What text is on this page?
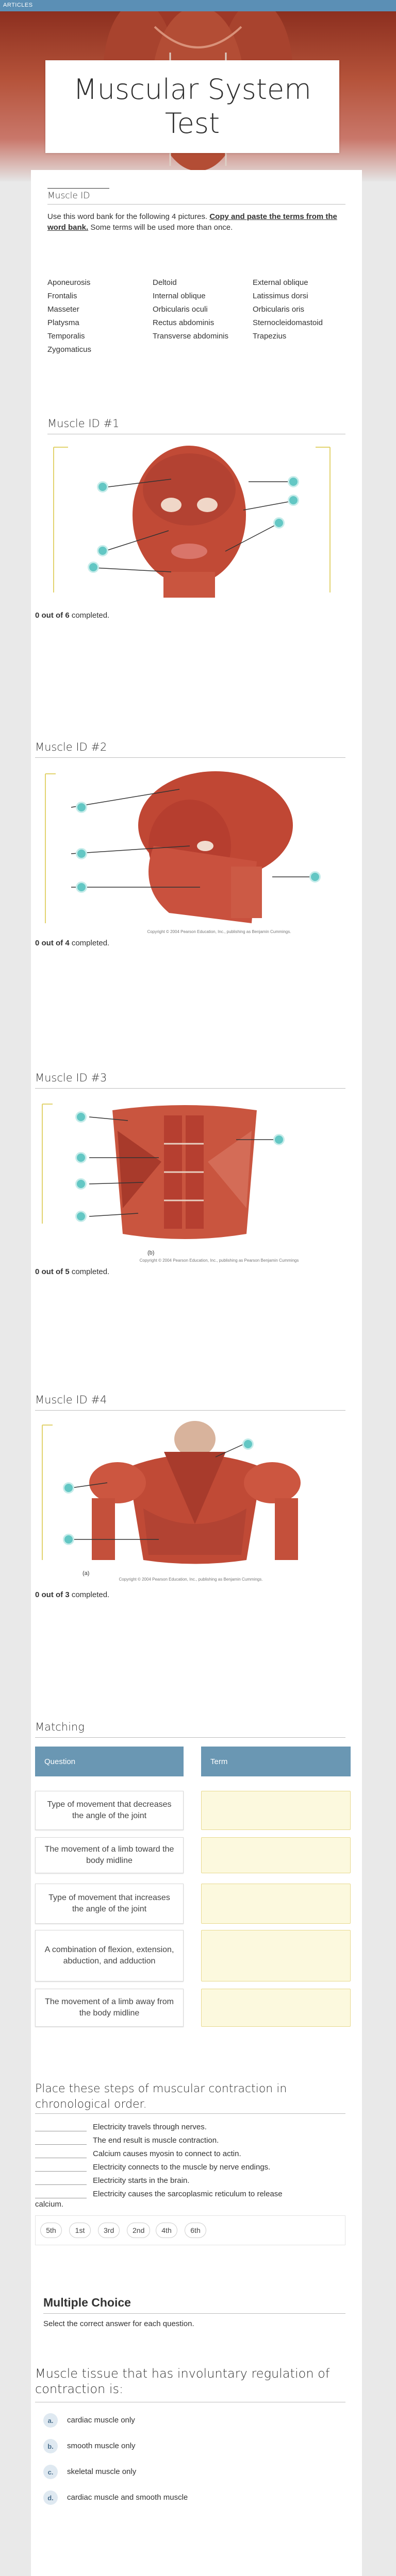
ARTICLES
Muscular System
Test
Muscle ID
Use this word bank for the following 4 pictures. Copy and paste the terms from the word bank. Some terms will be used more than once.
Aponeurosis	Deltoid	External oblique
Frontalis	Internal oblique	Latissimus dorsi
Masseter	Orbicularis oculi	Orbicularis oris
Platysma	Rectus abdominis	Sternocleidomastoid
Temporalis	Transverse abdominis	Trapezius
Zygomaticus
Muscle ID #1
0 out of 6 completed.
Muscle ID #2
Copyright © 2004 Pearson Education, Inc., publishing as Benjamin Cummings.
0 out of 4 completed.
Muscle ID #3
(b)
Copyright © 2004 Pearson Education, Inc., publishing as Pearson Benjamin Cummings
0 out of 5 completed.
Muscle ID #4
(a)
Copyright © 2004 Pearson Education, Inc., publishing as Benjamin Cummings.
0 out of 3 completed.
Matching
Question	Term
Type of movement that decreases the angle of the joint
The movement of a limb toward the body midline
Type of movement that increases the angle of the joint
A combination of flexion, extension, abduction, and adduction
The movement of a limb away from the body midline
Place these steps of muscular contraction in chronological order.
Electricity travels through nerves.
The end result is muscle contraction.
Calcium causes myosin to connect to actin.
Electricity connects to the muscle by nerve endings.
Electricity starts in the brain.
Electricity causes the sarcoplasmic reticulum to release
calcium.
5th	1st	3rd	2nd	4th	6th
Multiple Choice
Select the correct answer for each question.
Muscle tissue that has involuntary regulation of contraction is:
a.	cardiac muscle only
b.	smooth muscle only
c.	skeletal muscle only
d.	cardiac muscle and smooth muscle
